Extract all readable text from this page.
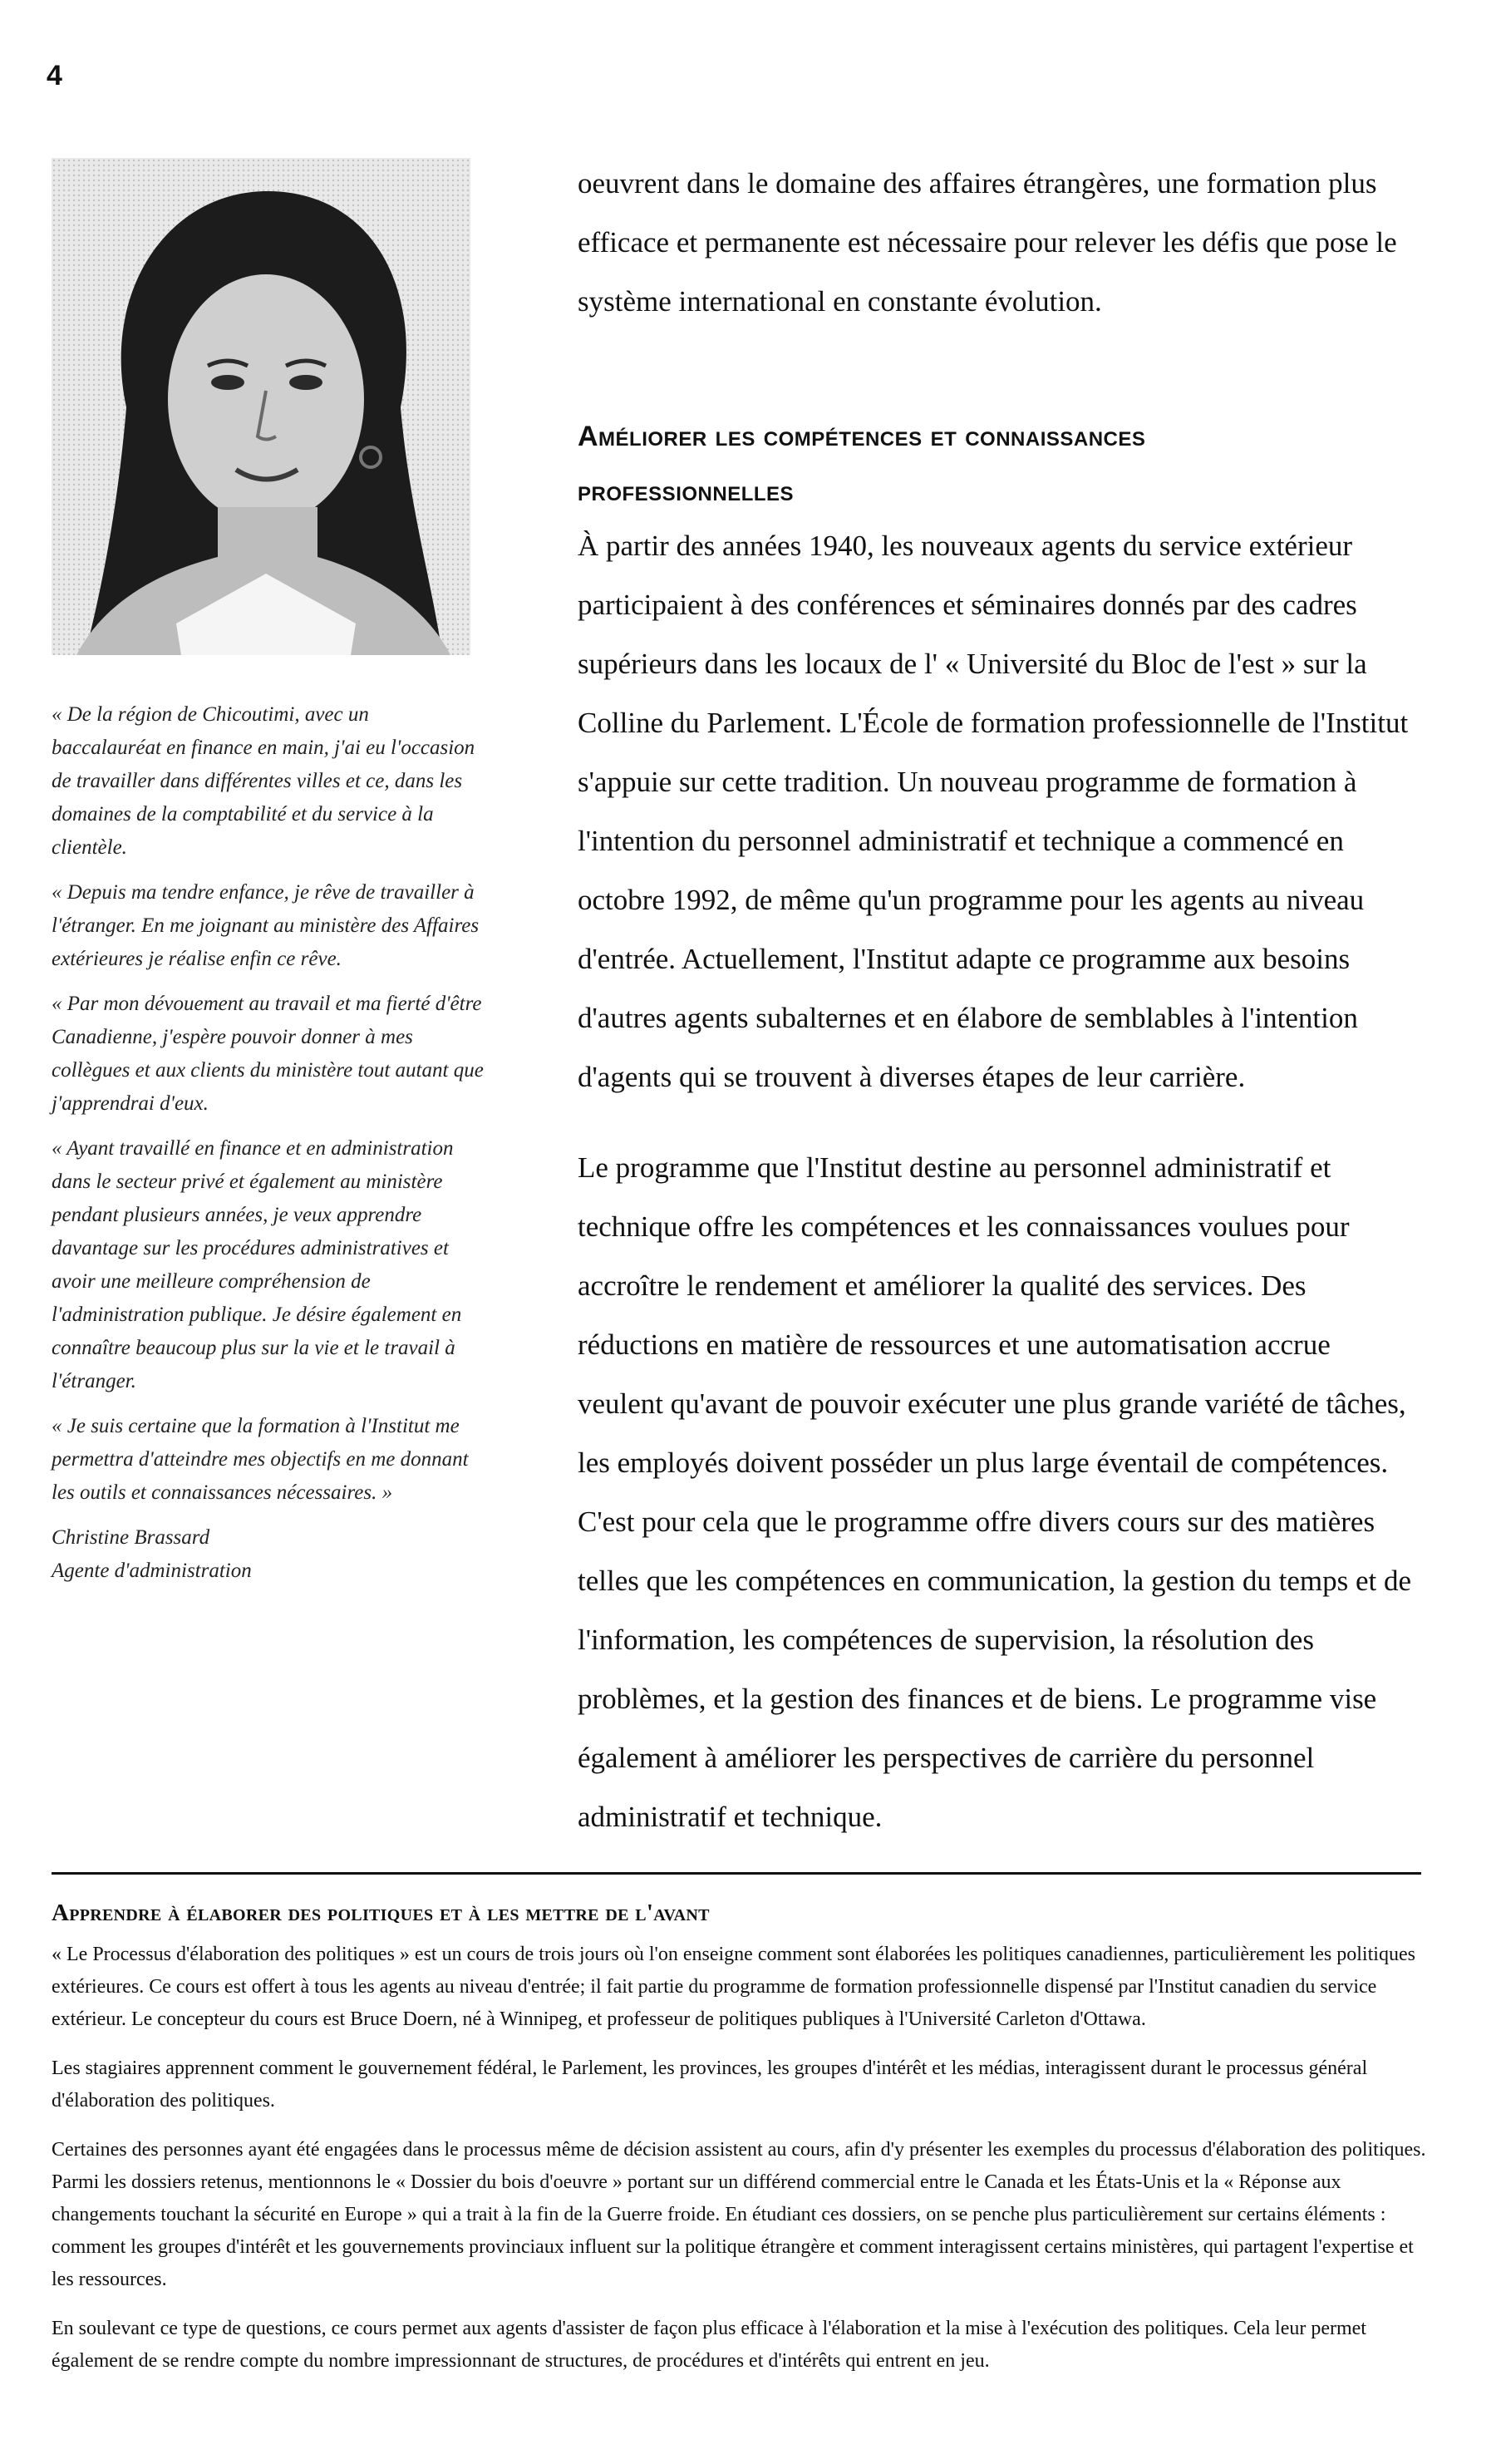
4

« De la région de Chicoutimi, avec un baccalauréat en finance en main, j'ai eu l'occasion de travailler dans différentes villes et ce, dans les domaines de la comptabilité et du service à la clientèle.

« Depuis ma tendre enfance, je rêve de travailler à l'étranger. En me joignant au ministère des Affaires extérieures je réalise enfin ce rêve.

« Par mon dévouement au travail et ma fierté d'être Canadienne, j'espère pouvoir donner à mes collègues et aux clients du ministère tout autant que j'apprendrai d'eux.

« Ayant travaillé en finance et en administration dans le secteur privé et également au ministère pendant plusieurs années, je veux apprendre davantage sur les procédures administratives et avoir une meilleure compréhension de l'administration publique. Je désire également en connaître beaucoup plus sur la vie et le travail à l'étranger.

« Je suis certaine que la formation à l'Institut me permettra d'atteindre mes objectifs en me donnant les outils et connaissances nécessaires. »

Christine Brassard

Agente d'administration

oeuvrent dans le domaine des affaires étrangères, une formation plus efficace et permanente est nécessaire pour relever les défis que pose le système international en constante évolution.

Améliorer les compétences et connaissances
professionnelles

À partir des années 1940, les nouveaux agents du service extérieur participaient à des conférences et séminaires donnés par des cadres supérieurs dans les locaux de l' « Université du Bloc de l'est » sur la Colline du Parlement. L'École de formation professionnelle de l'Institut s'appuie sur cette tradition. Un nouveau programme de formation à l'intention du personnel administratif et technique a commencé en octobre 1992, de même qu'un programme pour les agents au niveau d'entrée. Actuellement, l'Institut adapte ce programme aux besoins d'autres agents subalternes et en élabore de semblables à l'intention d'agents qui se trouvent à diverses étapes de leur carrière.

Le programme que l'Institut destine au personnel administratif et technique offre les compétences et les connaissances voulues pour accroître le rendement et améliorer la qualité des services. Des réductions en matière de ressources et une automatisation accrue veulent qu'avant de pouvoir exécuter une plus grande variété de tâches, les employés doivent posséder un plus large éventail de compétences. C'est pour cela que le programme offre divers cours sur des matières telles que les compétences en communication, la gestion du temps et de l'information, les compétences de supervision, la résolution des problèmes, et la gestion des finances et de biens. Le programme vise également à améliorer les perspectives de carrière du personnel administratif et technique.

Apprendre à élaborer des politiques et à les mettre de l'avant

« Le Processus d'élaboration des politiques » est un cours de trois jours où l'on enseigne comment sont élaborées les politiques canadiennes, particulièrement les politiques extérieures. Ce cours est offert à tous les agents au niveau d'entrée; il fait partie du programme de formation professionnelle dispensé par l'Institut canadien du service extérieur. Le concepteur du cours est Bruce Doern, né à Winnipeg, et professeur de politiques publiques à l'Université Carleton d'Ottawa.

Les stagiaires apprennent comment le gouvernement fédéral, le Parlement, les provinces, les groupes d'intérêt et les médias, interagissent durant le processus général d'élaboration des politiques.

Certaines des personnes ayant été engagées dans le processus même de décision assistent au cours, afin d'y présenter les exemples du processus d'élaboration des politiques. Parmi les dossiers retenus, mentionnons le « Dossier du bois d'oeuvre » portant sur un différend commercial entre le Canada et les États-Unis et la « Réponse aux changements touchant la sécurité en Europe » qui a trait à la fin de la Guerre froide. En étudiant ces dossiers, on se penche plus particulièrement sur certains éléments : comment les groupes d'intérêt et les gouvernements provinciaux influent sur la politique étrangère et comment interagissent certains ministères, qui partagent l'expertise et les ressources.

En soulevant ce type de questions, ce cours permet aux agents d'assister de façon plus efficace à l'élaboration et la mise à l'exécution des politiques. Cela leur permet également de se rendre compte du nombre impressionnant de structures, de procédures et d'intérêts qui entrent en jeu.
